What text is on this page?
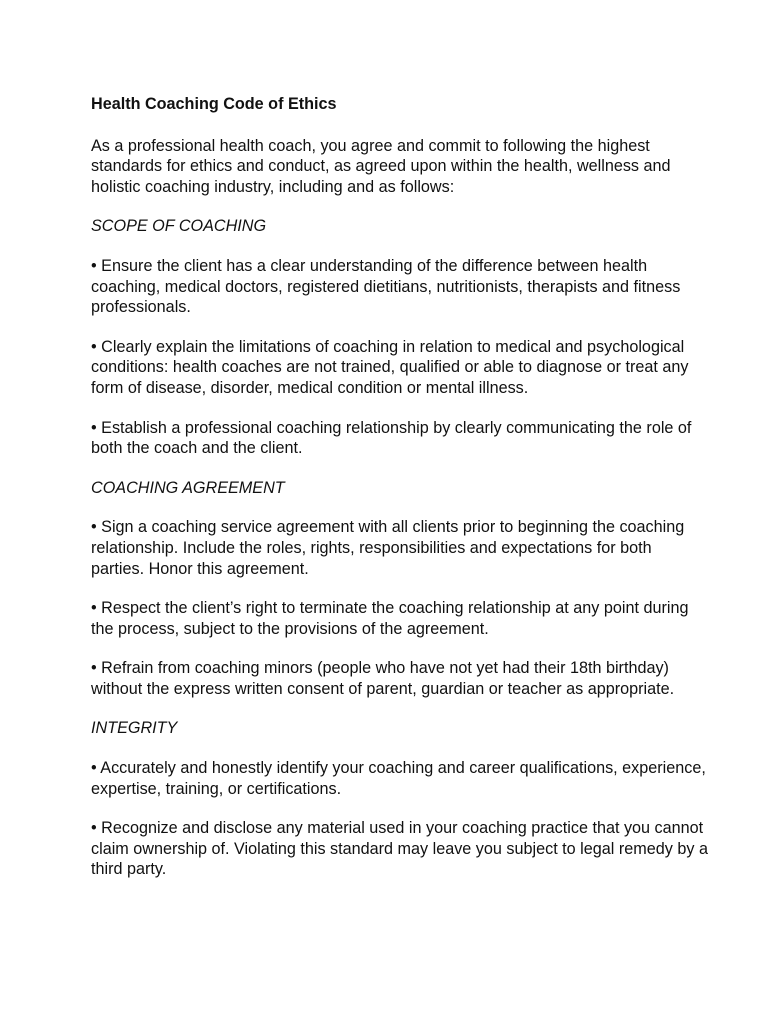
Health Coaching Code of Ethics
As a professional health coach, you agree and commit to following the highest standards for ethics and conduct, as agreed upon within the health, wellness and holistic coaching industry, including and as follows:
SCOPE OF COACHING
• Ensure the client has a clear understanding of the difference between health coaching, medical doctors, registered dietitians, nutritionists, therapists and fitness professionals.
• Clearly explain the limitations of coaching in relation to medical and psychological conditions: health coaches are not trained, qualified or able to diagnose or treat any form of disease, disorder, medical condition or mental illness.
• Establish a professional coaching relationship by clearly communicating the role of both the coach and the client.
COACHING AGREEMENT
• Sign a coaching service agreement with all clients prior to beginning the coaching relationship. Include the roles, rights, responsibilities and expectations for both parties. Honor this agreement.
• Respect the client’s right to terminate the coaching relationship at any point during the process, subject to the provisions of the agreement.
• Refrain from coaching minors (people who have not yet had their 18th birthday) without the express written consent of parent, guardian or teacher as appropriate.
INTEGRITY
• Accurately and honestly identify your coaching and career qualifications, experience, expertise, training, or certifications.
• Recognize and disclose any material used in your coaching practice that you cannot claim ownership of. Violating this standard may leave you subject to legal remedy by a third party.
